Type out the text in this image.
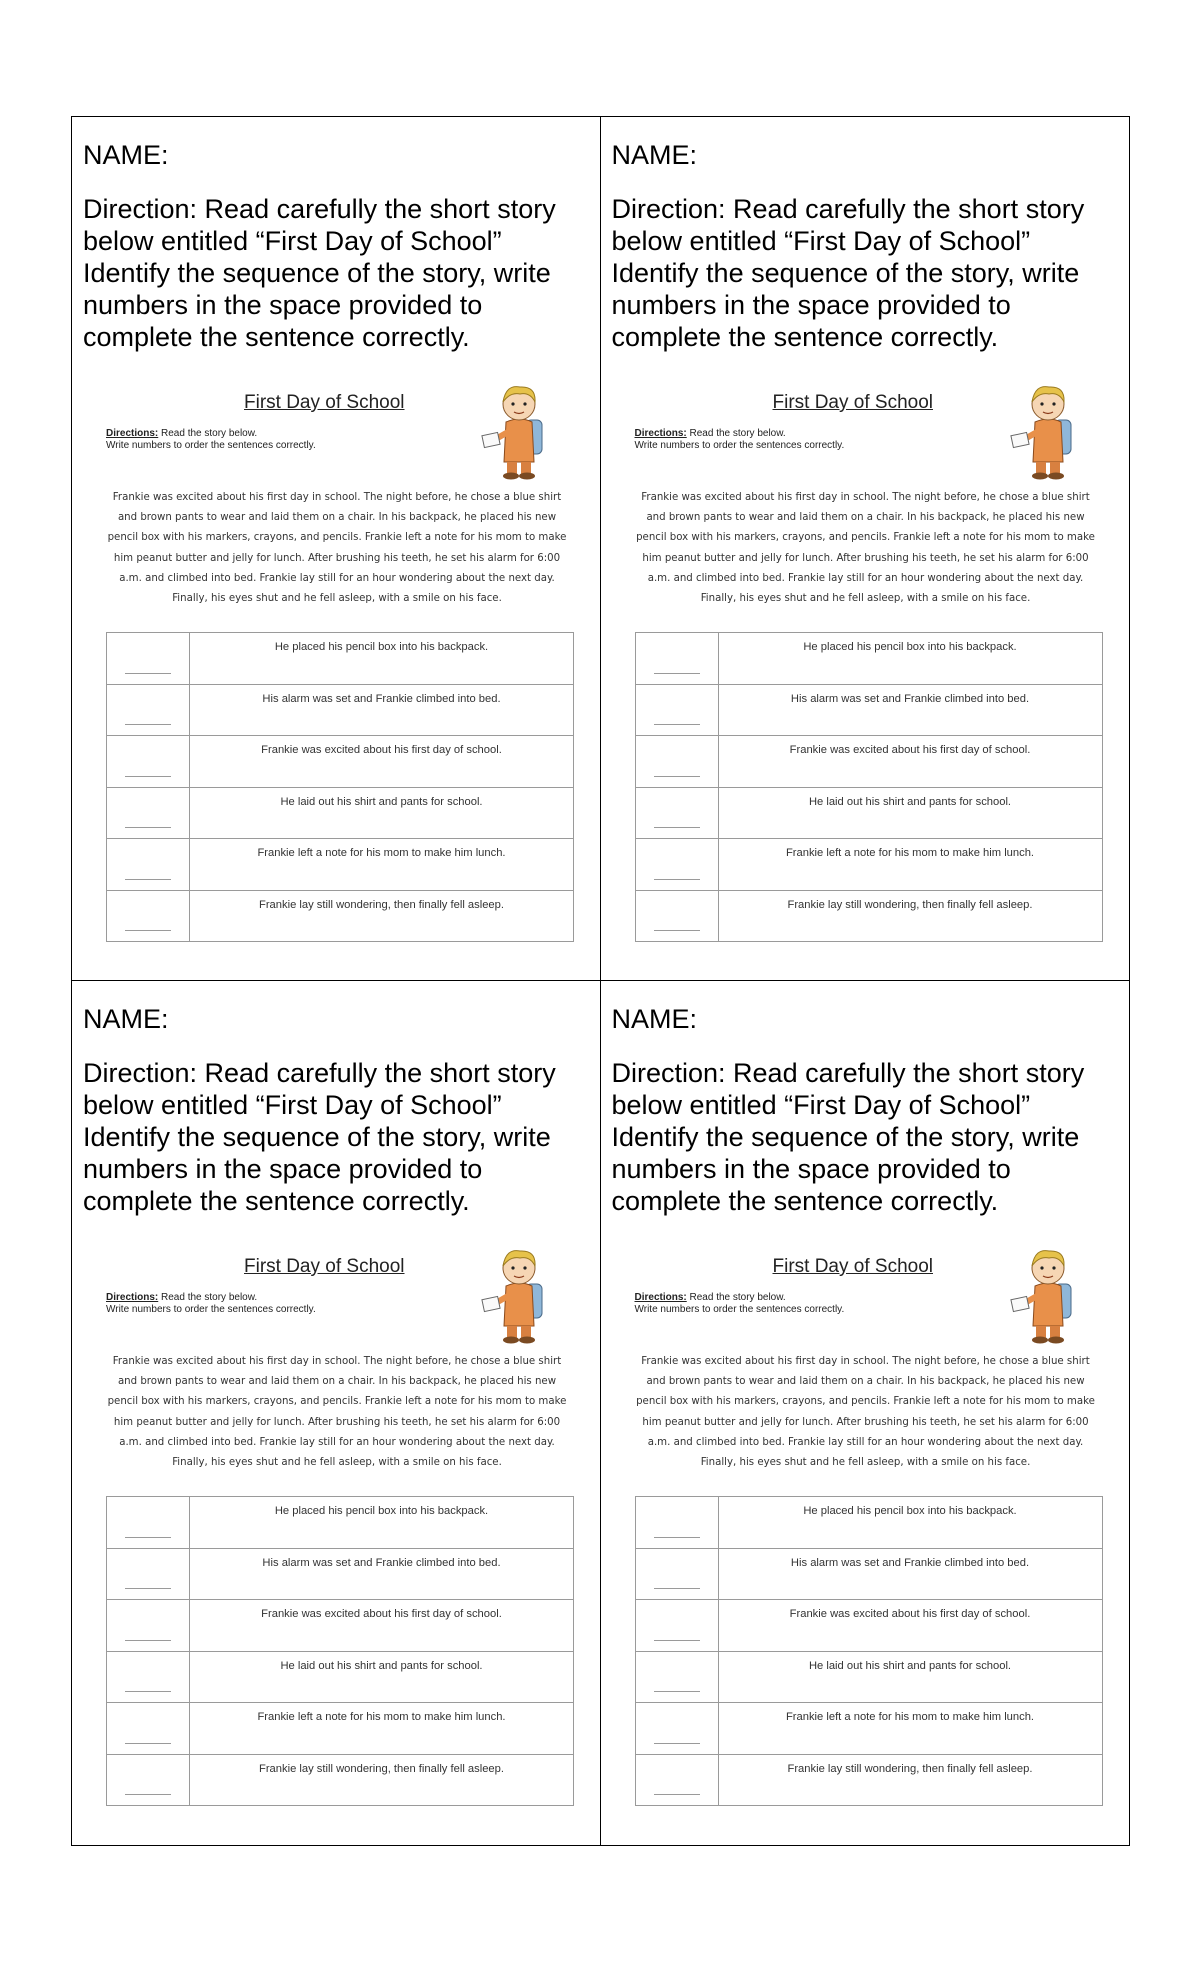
NAME:

Direction: Read carefully the short story below entitled “First Day of School” Identify the sequence of the story, write numbers in the space provided to complete the sentence correctly.

First Day of School
Directions: Read the story below.
Write numbers to order the sentences correctly.
Frankie was excited about his first day in school. The night before, he chose a blue shirt and brown pants to wear and laid them on a chair. In his backpack, he placed his new pencil box with his markers, crayons, and pencils. Frankie left a note for his mom to make him peanut butter and jelly for lunch. After brushing his teeth, he set his alarm for 6:00 a.m. and climbed into bed. Frankie lay still for an hour wondering about the next day. Finally, his eyes shut and he fell asleep, with a smile on his face.
	He placed his pencil box into his backpack.

	His alarm was set and Frankie climbed into bed.

	Frankie was excited about his first day of school.

	He laid out his shirt and pants for school.

	Frankie left a note for his mom to make him lunch.

	Frankie lay still wondering, then finally fell asleep.

NAME:

Direction: Read carefully the short story below entitled “First Day of School” Identify the sequence of the story, write numbers in the space provided to complete the sentence correctly.

First Day of School
Directions: Read the story below.
Write numbers to order the sentences correctly.
Frankie was excited about his first day in school. The night before, he chose a blue shirt and brown pants to wear and laid them on a chair. In his backpack, he placed his new pencil box with his markers, crayons, and pencils. Frankie left a note for his mom to make him peanut butter and jelly for lunch. After brushing his teeth, he set his alarm for 6:00 a.m. and climbed into bed. Frankie lay still for an hour wondering about the next day. Finally, his eyes shut and he fell asleep, with a smile on his face.
	He placed his pencil box into his backpack.

	His alarm was set and Frankie climbed into bed.

	Frankie was excited about his first day of school.

	He laid out his shirt and pants for school.

	Frankie left a note for his mom to make him lunch.

	Frankie lay still wondering, then finally fell asleep.

NAME:

Direction: Read carefully the short story below entitled “First Day of School” Identify the sequence of the story, write numbers in the space provided to complete the sentence correctly.

First Day of School
Directions: Read the story below.
Write numbers to order the sentences correctly.
Frankie was excited about his first day in school. The night before, he chose a blue shirt and brown pants to wear and laid them on a chair. In his backpack, he placed his new pencil box with his markers, crayons, and pencils. Frankie left a note for his mom to make him peanut butter and jelly for lunch. After brushing his teeth, he set his alarm for 6:00 a.m. and climbed into bed. Frankie lay still for an hour wondering about the next day. Finally, his eyes shut and he fell asleep, with a smile on his face.
	He placed his pencil box into his backpack.

	His alarm was set and Frankie climbed into bed.

	Frankie was excited about his first day of school.

	He laid out his shirt and pants for school.

	Frankie left a note for his mom to make him lunch.

	Frankie lay still wondering, then finally fell asleep.

NAME:

Direction: Read carefully the short story below entitled “First Day of School” Identify the sequence of the story, write numbers in the space provided to complete the sentence correctly.

First Day of School
Directions: Read the story below.
Write numbers to order the sentences correctly.
Frankie was excited about his first day in school. The night before, he chose a blue shirt and brown pants to wear and laid them on a chair. In his backpack, he placed his new pencil box with his markers, crayons, and pencils. Frankie left a note for his mom to make him peanut butter and jelly for lunch. After brushing his teeth, he set his alarm for 6:00 a.m. and climbed into bed. Frankie lay still for an hour wondering about the next day. Finally, his eyes shut and he fell asleep, with a smile on his face.
	He placed his pencil box into his backpack.

	His alarm was set and Frankie climbed into bed.

	Frankie was excited about his first day of school.

	He laid out his shirt and pants for school.

	Frankie left a note for his mom to make him lunch.

	Frankie lay still wondering, then finally fell asleep.
